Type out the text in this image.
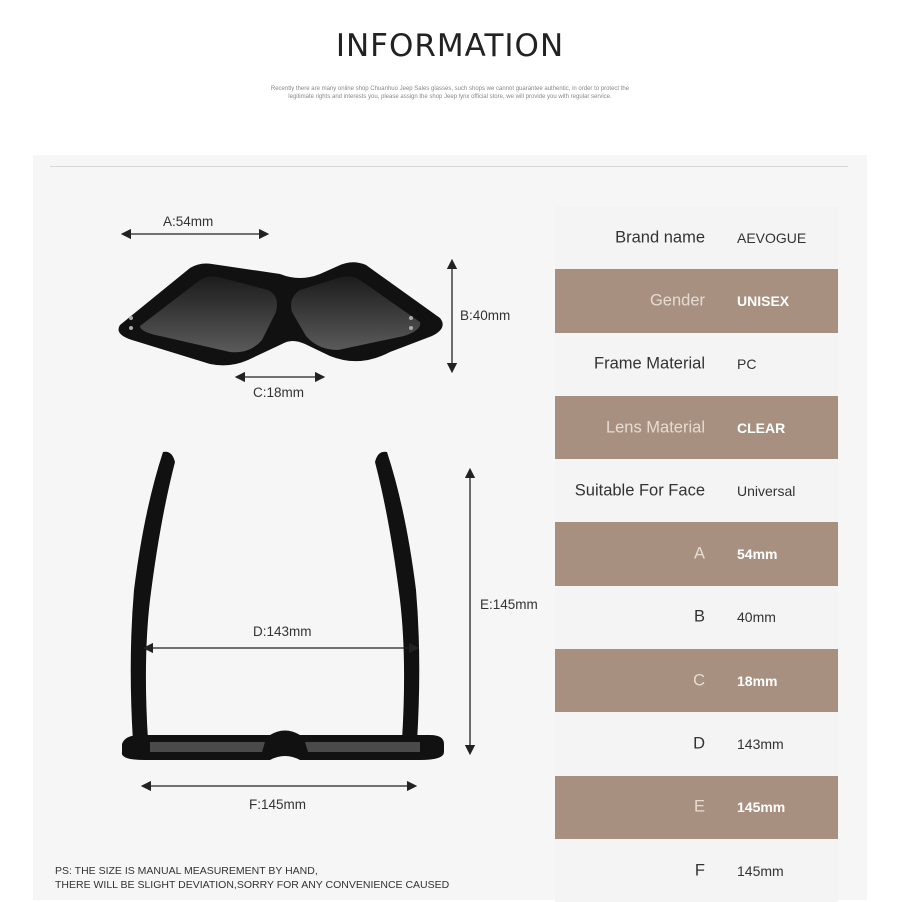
INFORMATION
Recently there are many online shop Chuanhuo Jeep Sales glasses, such shops we cannot guarantee authentic, in order to protect the legitimate rights and interests you, please assign the shop Jeep lynx official store, we will provide you with regular service.
A:54mm
B:40mm
C:18mm
D:143mm
E:145mm
F:145mm
Brand name AEVOGUE
Gender UNISEX
Frame Material PC
Lens Material CLEAR
Suitable For Face Universal
A 54mm
B 40mm
C 18mm
D 143mm
E 145mm
F 145mm
PS: THE SIZE IS MANUAL MEASUREMENT BY HAND,
THERE WILL BE SLIGHT DEVIATION,SORRY FOR ANY CONVENIENCE CAUSED
